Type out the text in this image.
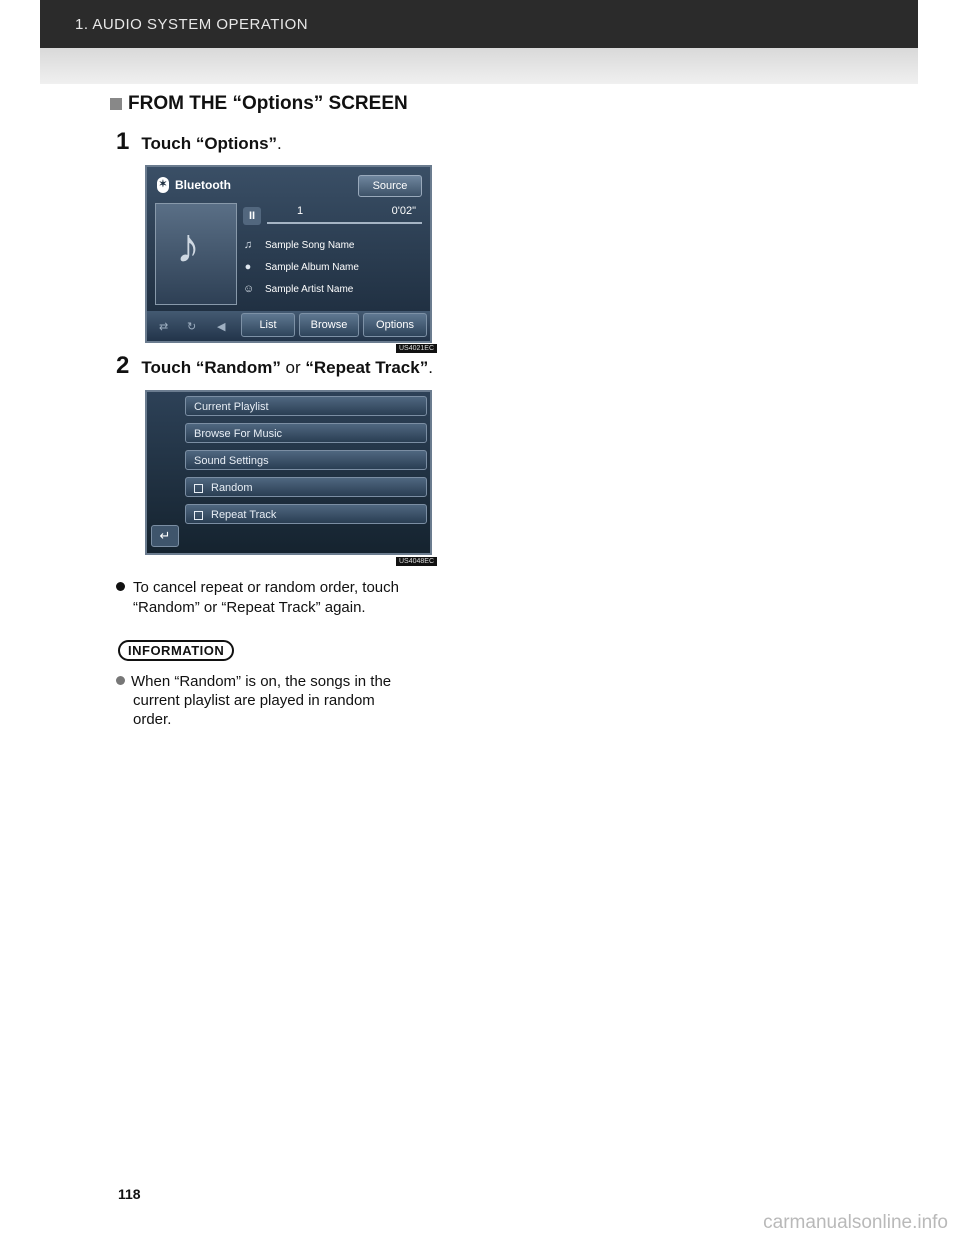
1. AUDIO SYSTEM OPERATION
FROM THE “Options” SCREEN
1 Touch “Options”.
✶ Bluetooth	Source
♪
II	1	0'02"
♫ Sample Song Name
● Sample Album Name
☺ Sample Artist Name
⇄ ↻ ◀	List	Browse	Options
US4021EC
2 Touch “Random” or “Repeat Track”.
Current Playlist
Browse For Music
Sound Settings
Random
Repeat Track
↵
US4048EC
To cancel repeat or random order, touch
“Random” or “Repeat Track” again.
INFORMATION
When “Random” is on, the songs in the
current playlist are played in random
order.
118
carmanualsonline.info
